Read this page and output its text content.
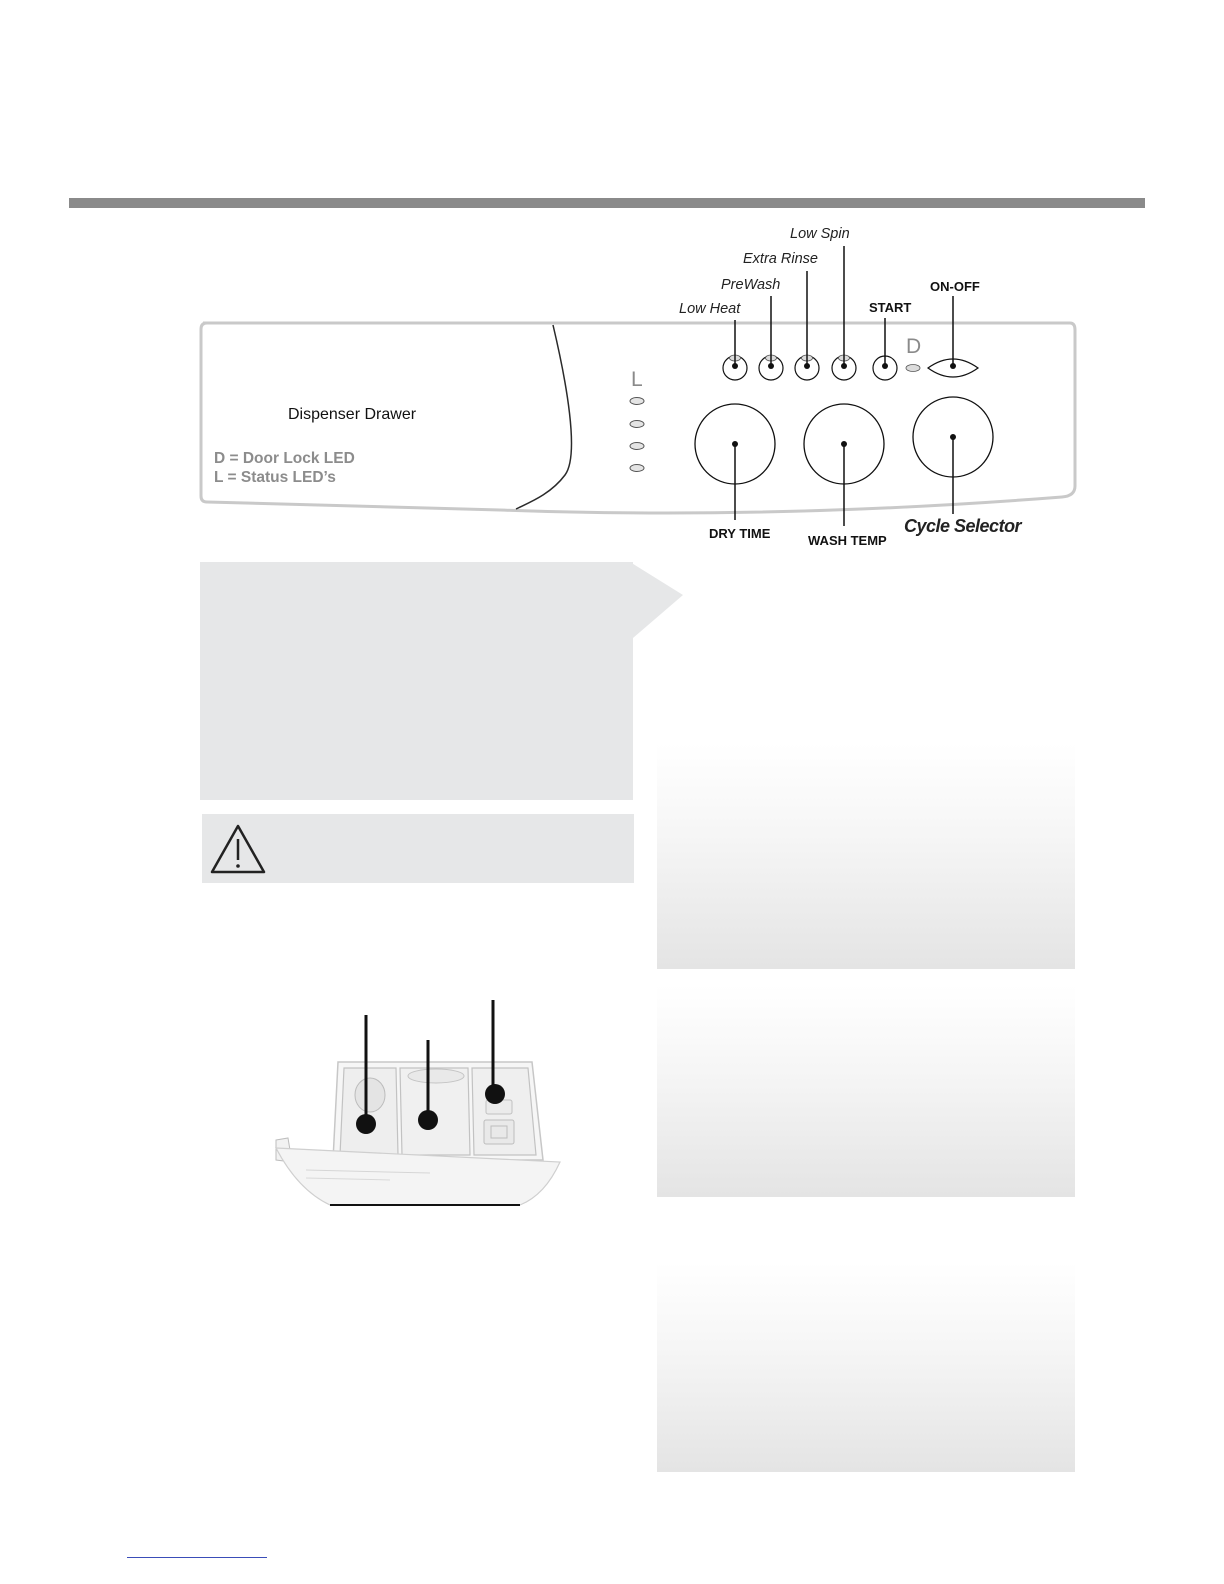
Low Spin
Extra Rinse
PreWash
Low Heat	START
ON-OFF
D
L
Dispenser Drawer
D = Door Lock LED
L = Status LED’s
DRY TIME	WASH TEMP
Cycle Selector
